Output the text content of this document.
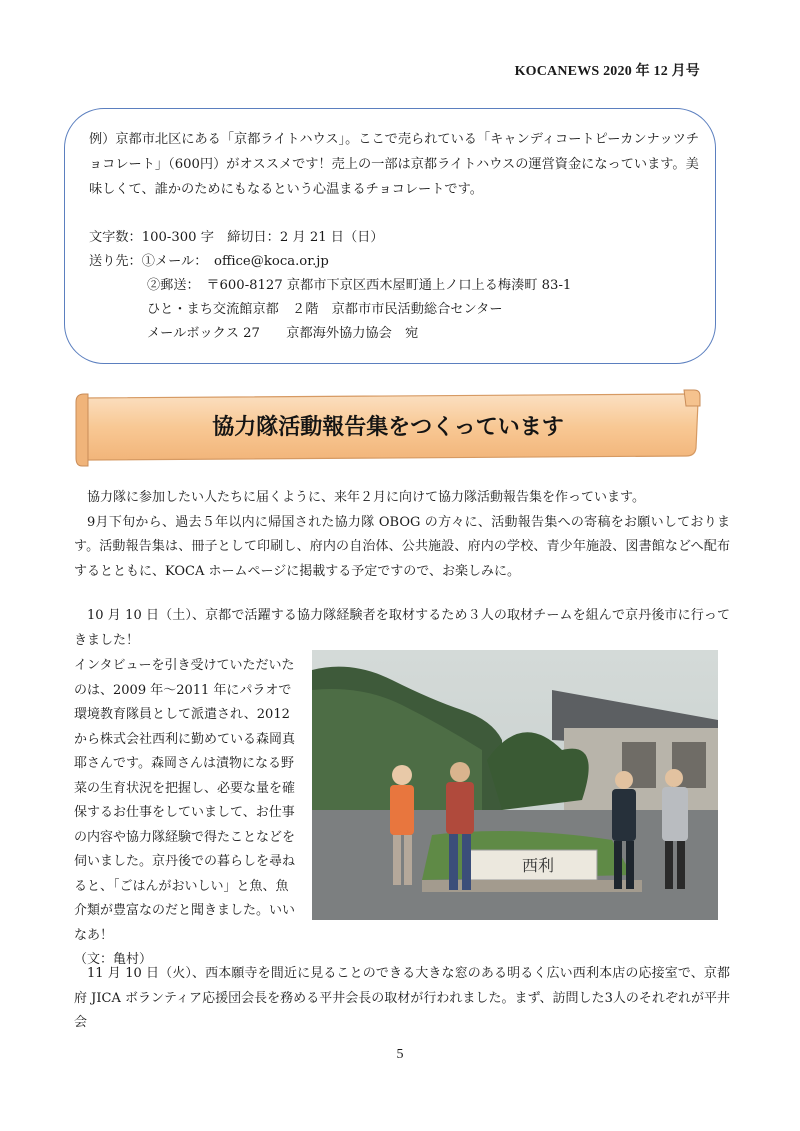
KOCANEWS 2020 年 12 月号
例）京都市北区にある「京都ライトハウス」。ここで売られている「キャンディコートピーカンナッツチョコレート」（600円）がオススメです！売上の一部は京都ライトハウスの運営資金になっています。美味しくて、誰かのためにもなるという心温まるチョコレートです。
文字数：100-300 字　締切日：2 月 21 日（日）
送り先：①メール：　office@koca.or.jp
②郵送：　〒600-8127 京都市下京区西木屋町通上ノ口上る梅湊町 83-1
ひと・まち交流館京都　２階　京都市市民活動総合センター
メールボックス 27　　京都海外協力協会　宛
協力隊活動報告集をつくっています

協力隊に参加したい人たちに届くように、来年２月に向けて協力隊活動報告集を作っています。

9月下旬から、過去５年以内に帰国された協力隊 OBOG の方々に、活動報告集への寄稿をお願いしております。活動報告集は、冊子として印刷し、府内の自治体、公共施設、府内の学校、青少年施設、図書館などへ配布するとともに、KOCA ホームページに掲載する予定ですので、お楽しみに。

10 月 10 日（土）、京都で活躍する協力隊経験者を取材するため３人の取材チームを組んで京丹後市に行ってきました！

インタビューを引き受けていただいたのは、2009 年～2011 年にパラオで環境教育隊員として派遣され、2012 から株式会社西利に勤めている森岡真耶さんです。森岡さんは漬物になる野菜の生育状況を把握し、必要な量を確保するお仕事をしていまして、お仕事の内容や協力隊経験で得たことなどを伺いました。京丹後での暮らしを尋ねると、「ごはんがおいしい」と魚、魚介類が豊富なのだと聞きました。いいなあ！
（文：亀村）
西利

11 月 10 日（火）、西本願寺を間近に見ることのできる大きな窓のある明るく広い西利本店の応接室で、京都府 JICA ボランティア応援団会長を務める平井会長の取材が行われました。まず、訪問した3人のそれぞれが平井会

5
